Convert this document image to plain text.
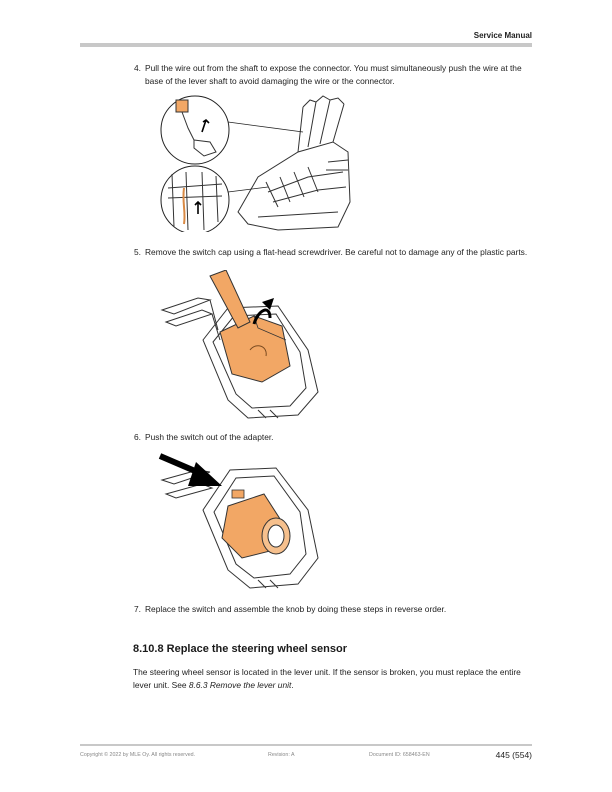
Service Manual
4. Pull the wire out from the shaft to expose the connector. You must simultaneously push the wire at the base of the lever shaft to avoid damaging the wire or the connector.
5. Remove the switch cap using a flat-head screwdriver. Be careful not to damage any of the plastic parts.
6. Push the switch out of the adapter.
7. Replace the switch and assemble the knob by doing these steps in reverse order.
8.10.8 Replace the steering wheel sensor
The steering wheel sensor is located in the lever unit. If the sensor is broken, you must replace the entire lever unit. See 8.6.3 Remove the lever unit.
Copyright © 2022 by MLE Oy. All rights reserved.	Revision: A	Document ID: 658463-EN	445 (554)
